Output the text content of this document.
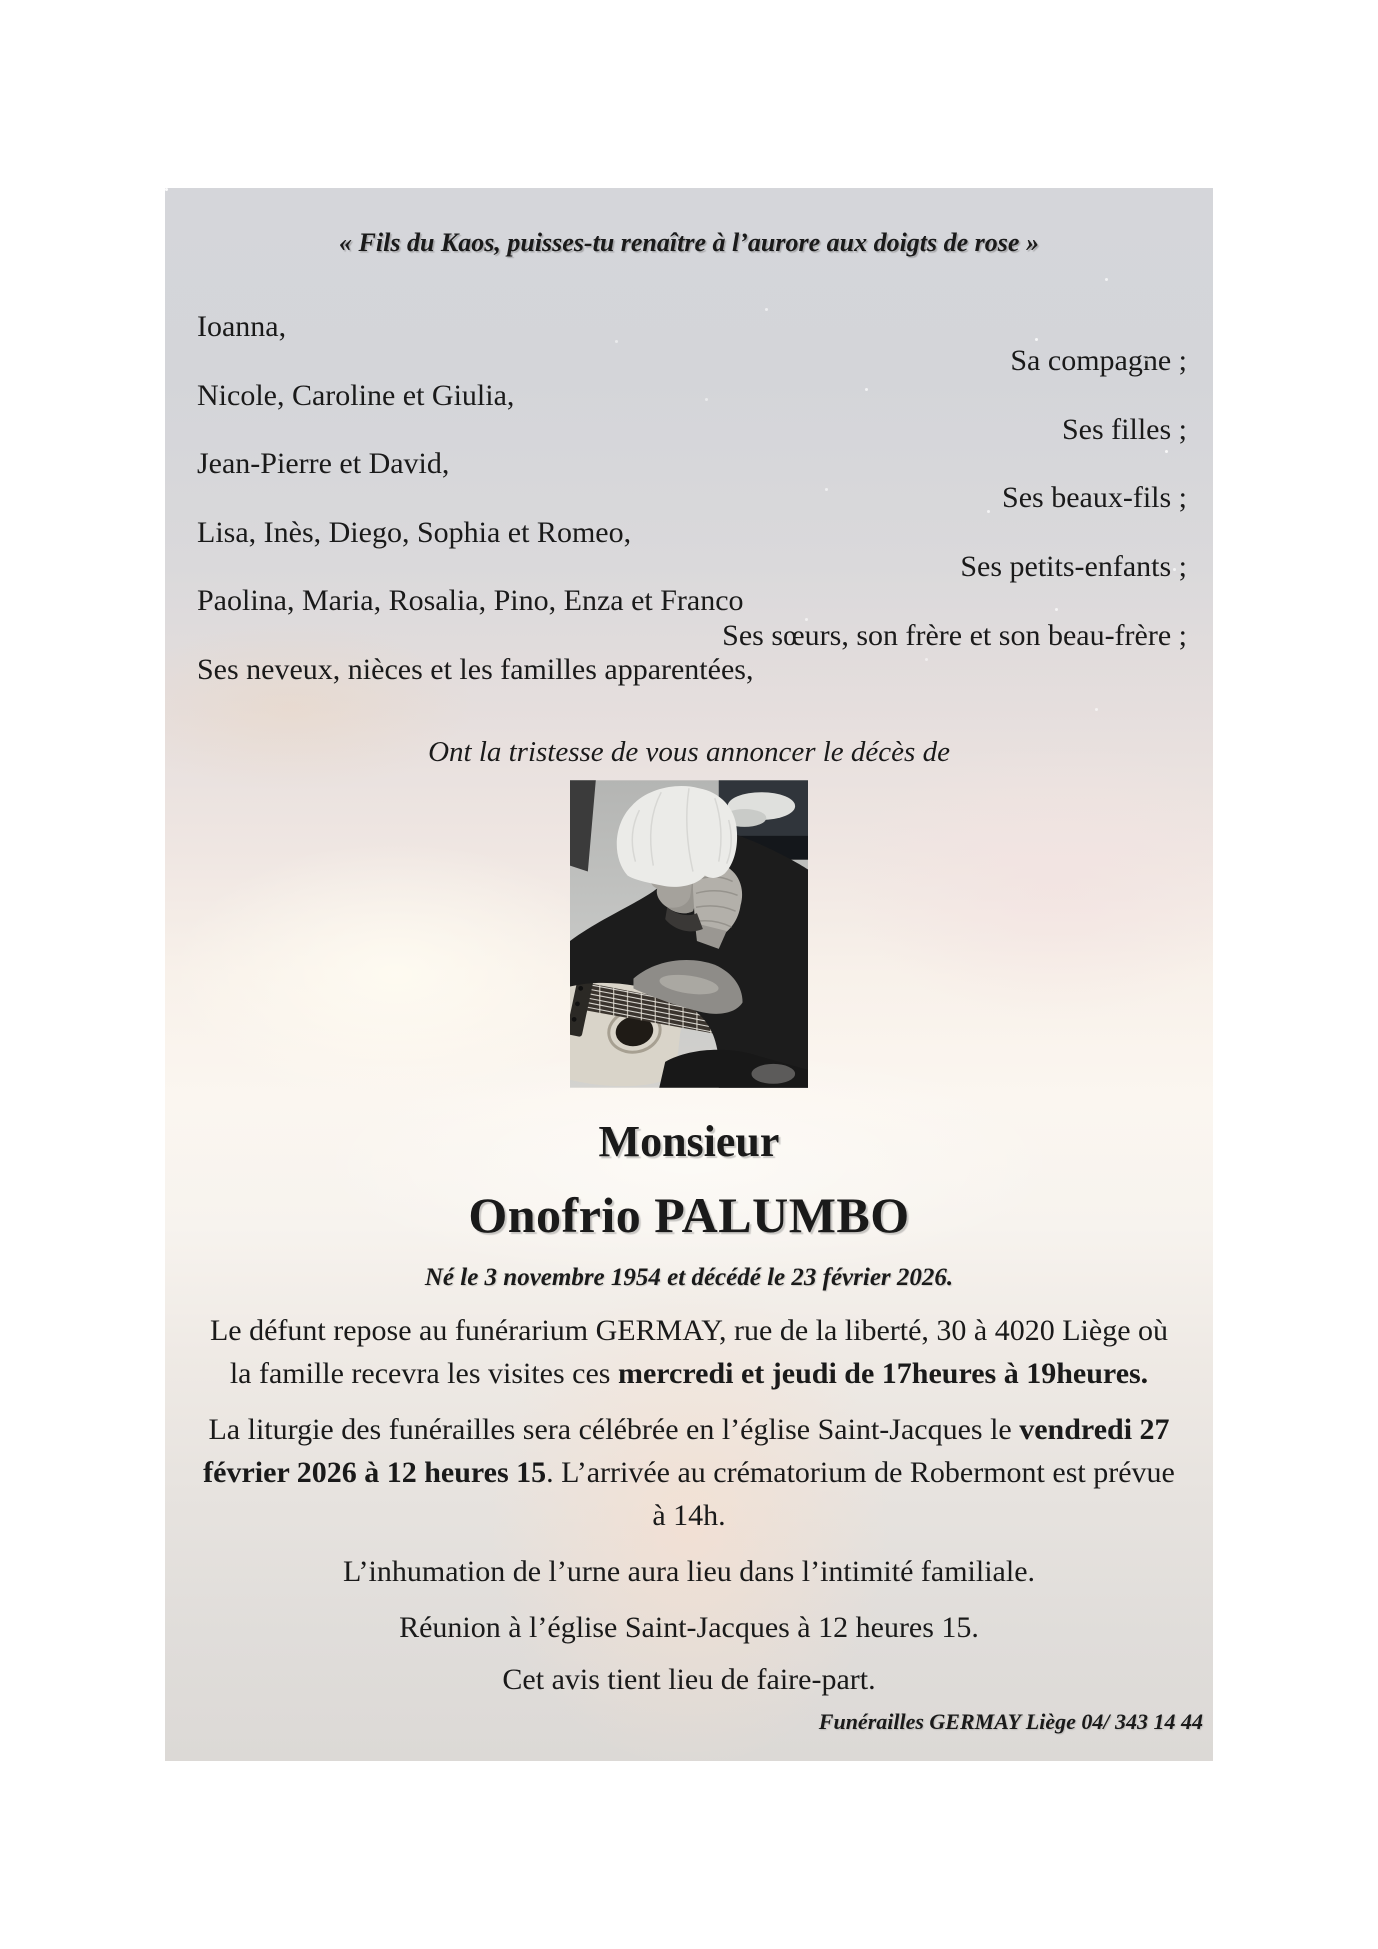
« Fils du Kaos, puisses-tu renaître à l’aurore aux doigts de rose »
Ioanna,
Sa compagne ;
Nicole, Caroline et Giulia,
Ses filles ;
Jean-Pierre et David,
Ses beaux-fils ;
Lisa, Inès, Diego, Sophia et Romeo,
Ses petits-enfants ;
Paolina, Maria, Rosalia, Pino, Enza et Franco
Ses sœurs, son frère et son beau-frère ;
Ses neveux, nièces et les familles apparentées,
Ont la tristesse de vous annoncer le décès de
Monsieur
Onofrio PALUMBO
Né le 3 novembre 1954 et décédé le 23 février 2026.
Le défunt repose au funérarium GERMAY, rue de la liberté, 30 à 4020 Liège où
la famille recevra les visites ces mercredi et jeudi de 17heures à 19heures.
La liturgie des funérailles sera célébrée en l’église Saint-Jacques le vendredi 27
février 2026 à 12 heures 15. L’arrivée au crématorium de Robermont est prévue
à 14h.
L’inhumation de l’urne aura lieu dans l’intimité familiale.
Réunion à l’église Saint-Jacques à 12 heures 15.
Cet avis tient lieu de faire-part.
Funérailles GERMAY Liège 04/ 343 14 44
